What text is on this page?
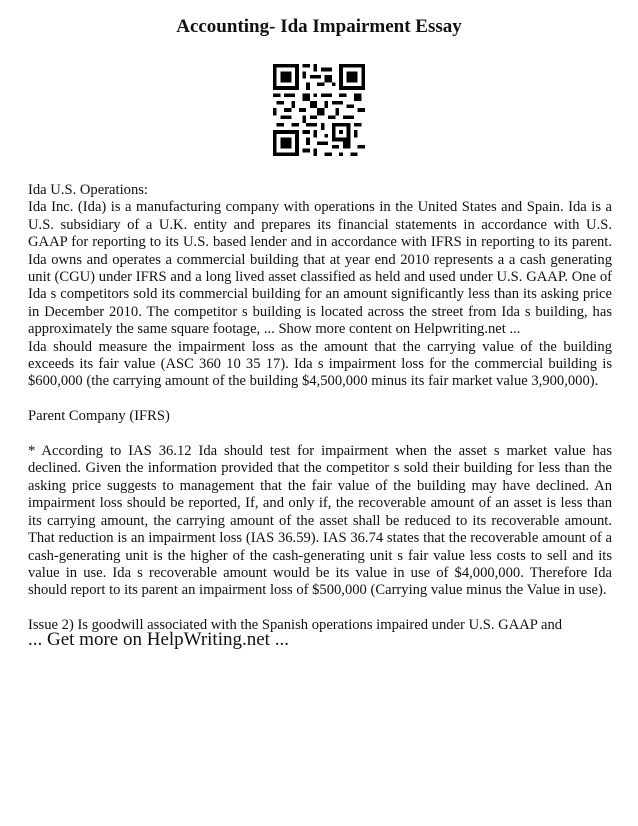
Accounting- Ida Impairment Essay

Ida U.S. Operations:

Ida Inc. (Ida) is a manufacturing company with operations in the United States and Spain. Ida is a U.S. subsidiary of a U.K. entity and prepares its financial statements in accordance with U.S. GAAP for reporting to its U.S. based lender and in accordance with IFRS in reporting to its parent. Ida owns and operates a commercial building that at year end 2010 represents a a cash generating unit (CGU) under IFRS and a long lived asset classified as held and used under U.S. GAAP. One of Ida s competitors sold its commercial building for an amount significantly less than its asking price in December 2010. The competitor s building is located across the street from Ida s building, has approximately the same square footage, ... Show more content on Helpwriting.net ...

Ida should measure the impairment loss as the amount that the carrying value of the building exceeds its fair value (ASC 360 10 35 17). Ida s impairment loss for the commercial building is $600,000 (the carrying amount of the building $4,500,000 minus its fair market value 3,900,000).

Parent Company (IFRS)

* According to IAS 36.12 Ida should test for impairment when the asset s market value has declined. Given the information provided that the competitor s sold their building for less than the asking price suggests to management that the fair value of the building may have declined. An impairment loss should be reported, If, and only if, the recoverable amount of an asset is less than its carrying amount, the carrying amount of the asset shall be reduced to its recoverable amount. That reduction is an impairment loss (IAS 36.59). IAS 36.74 states that the recoverable amount of a cash-generating unit is the higher of the cash-generating unit s fair value less costs to sell and its value in use. Ida s recoverable amount would be its value in use of $4,000,000. Therefore Ida should report to its parent an impairment loss of $500,000 (Carrying value minus the Value in use).

Issue 2) Is goodwill associated with the Spanish operations impaired under U.S. GAAP and

... Get more on HelpWriting.net ...
